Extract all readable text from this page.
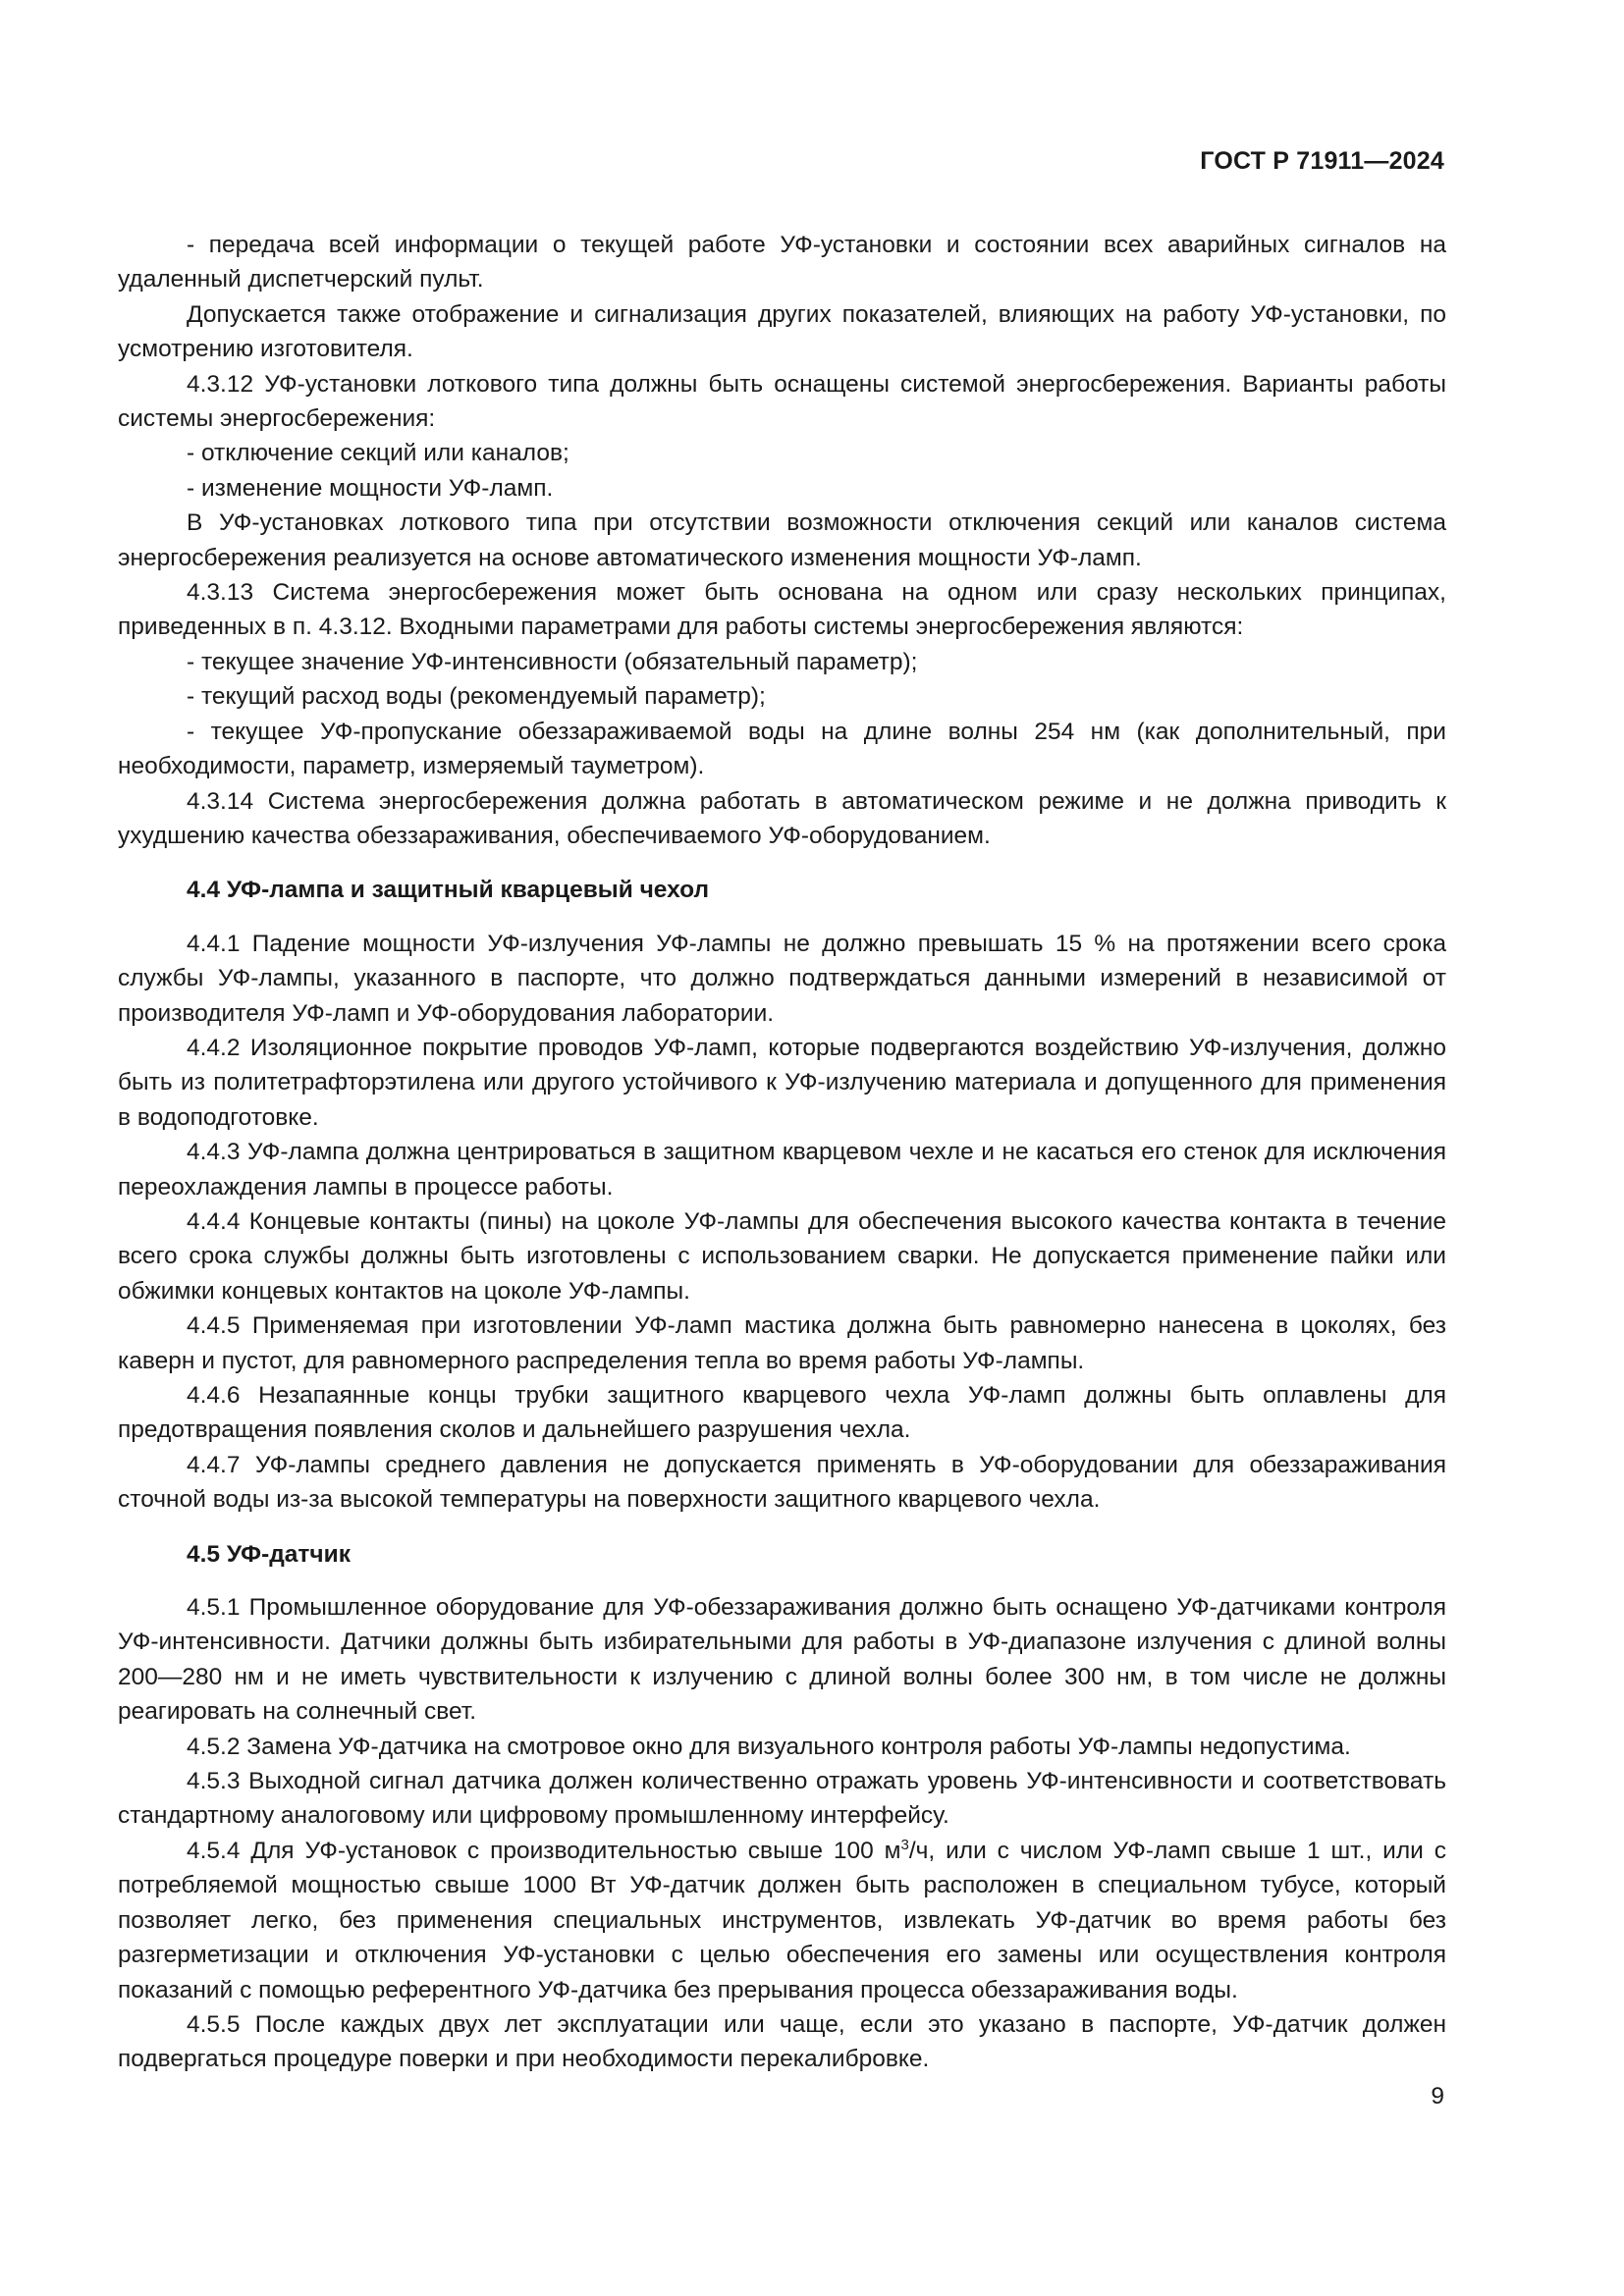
ГОСТ Р 71911—2024

- передача всей информации о текущей работе УФ-установки и состоянии всех аварийных сигналов на удаленный диспетчерский пульт.

Допускается также отображение и сигнализация других показателей, влияющих на работу УФ-установки, по усмотрению изготовителя.

4.3.12 УФ-установки лоткового типа должны быть оснащены системой энергосбережения. Варианты работы системы энергосбережения:

- отключение секций или каналов;

- изменение мощности УФ-ламп.

В УФ-установках лоткового типа при отсутствии возможности отключения секций или каналов система энергосбережения реализуется на основе автоматического изменения мощности УФ-ламп.

4.3.13 Система энергосбережения может быть основана на одном или сразу нескольких принципах, приведенных в п. 4.3.12. Входными параметрами для работы системы энергосбережения являются:

- текущее значение УФ-интенсивности (обязательный параметр);

- текущий расход воды (рекомендуемый параметр);

- текущее УФ-пропускание обеззараживаемой воды на длине волны 254 нм (как дополнительный, при необходимости, параметр, измеряемый тауметром).

4.3.14 Система энергосбережения должна работать в автоматическом режиме и не должна приводить к ухудшению качества обеззараживания, обеспечиваемого УФ-оборудованием.

4.4 УФ-лампа и защитный кварцевый чехол

4.4.1 Падение мощности УФ-излучения УФ-лампы не должно превышать 15 % на протяжении всего срока службы УФ-лампы, указанного в паспорте, что должно подтверждаться данными измерений в независимой от производителя УФ-ламп и УФ-оборудования лаборатории.

4.4.2 Изоляционное покрытие проводов УФ-ламп, которые подвергаются воздействию УФ-излучения, должно быть из политетрафторэтилена или другого устойчивого к УФ-излучению материала и допущенного для применения в водоподготовке.

4.4.3 УФ-лампа должна центрироваться в защитном кварцевом чехле и не касаться его стенок для исключения переохлаждения лампы в процессе работы.

4.4.4 Концевые контакты (пины) на цоколе УФ-лампы для обеспечения высокого качества контакта в течение всего срока службы должны быть изготовлены с использованием сварки. Не допускается применение пайки или обжимки концевых контактов на цоколе УФ-лампы.

4.4.5 Применяемая при изготовлении УФ-ламп мастика должна быть равномерно нанесена в цоколях, без каверн и пустот, для равномерного распределения тепла во время работы УФ-лампы.

4.4.6 Незапаянные концы трубки защитного кварцевого чехла УФ-ламп должны быть оплавлены для предотвращения появления сколов и дальнейшего разрушения чехла.

4.4.7 УФ-лампы среднего давления не допускается применять в УФ-оборудовании для обеззараживания сточной воды из-за высокой температуры на поверхности защитного кварцевого чехла.

4.5 УФ-датчик

4.5.1 Промышленное оборудование для УФ-обеззараживания должно быть оснащено УФ-датчиками контроля УФ-интенсивности. Датчики должны быть избирательными для работы в УФ-диапазоне излучения с длиной волны 200—280 нм и не иметь чувствительности к излучению с длиной волны более 300 нм, в том числе не должны реагировать на солнечный свет.

4.5.2 Замена УФ-датчика на смотровое окно для визуального контроля работы УФ-лампы недопустима.

4.5.3 Выходной сигнал датчика должен количественно отражать уровень УФ-интенсивности и соответствовать стандартному аналоговому или цифровому промышленному интерфейсу.

4.5.4 Для УФ-установок с производительностью свыше 100 $м^3/ч$, или с числом УФ-ламп свыше 1 шт., или с потребляемой мощностью свыше 1000 Вт УФ-датчик должен быть расположен в специальном тубусе, который позволяет легко, без применения специальных инструментов, извлекать УФ-датчик во время работы без разгерметизации и отключения УФ-установки с целью обеспечения его замены или осуществления контроля показаний с помощью референтного УФ-датчика без прерывания процесса обеззараживания воды.

4.5.5 После каждых двух лет эксплуатации или чаще, если это указано в паспорте, УФ-датчик должен подвергаться процедуре поверки и при необходимости перекалибровке.

9
